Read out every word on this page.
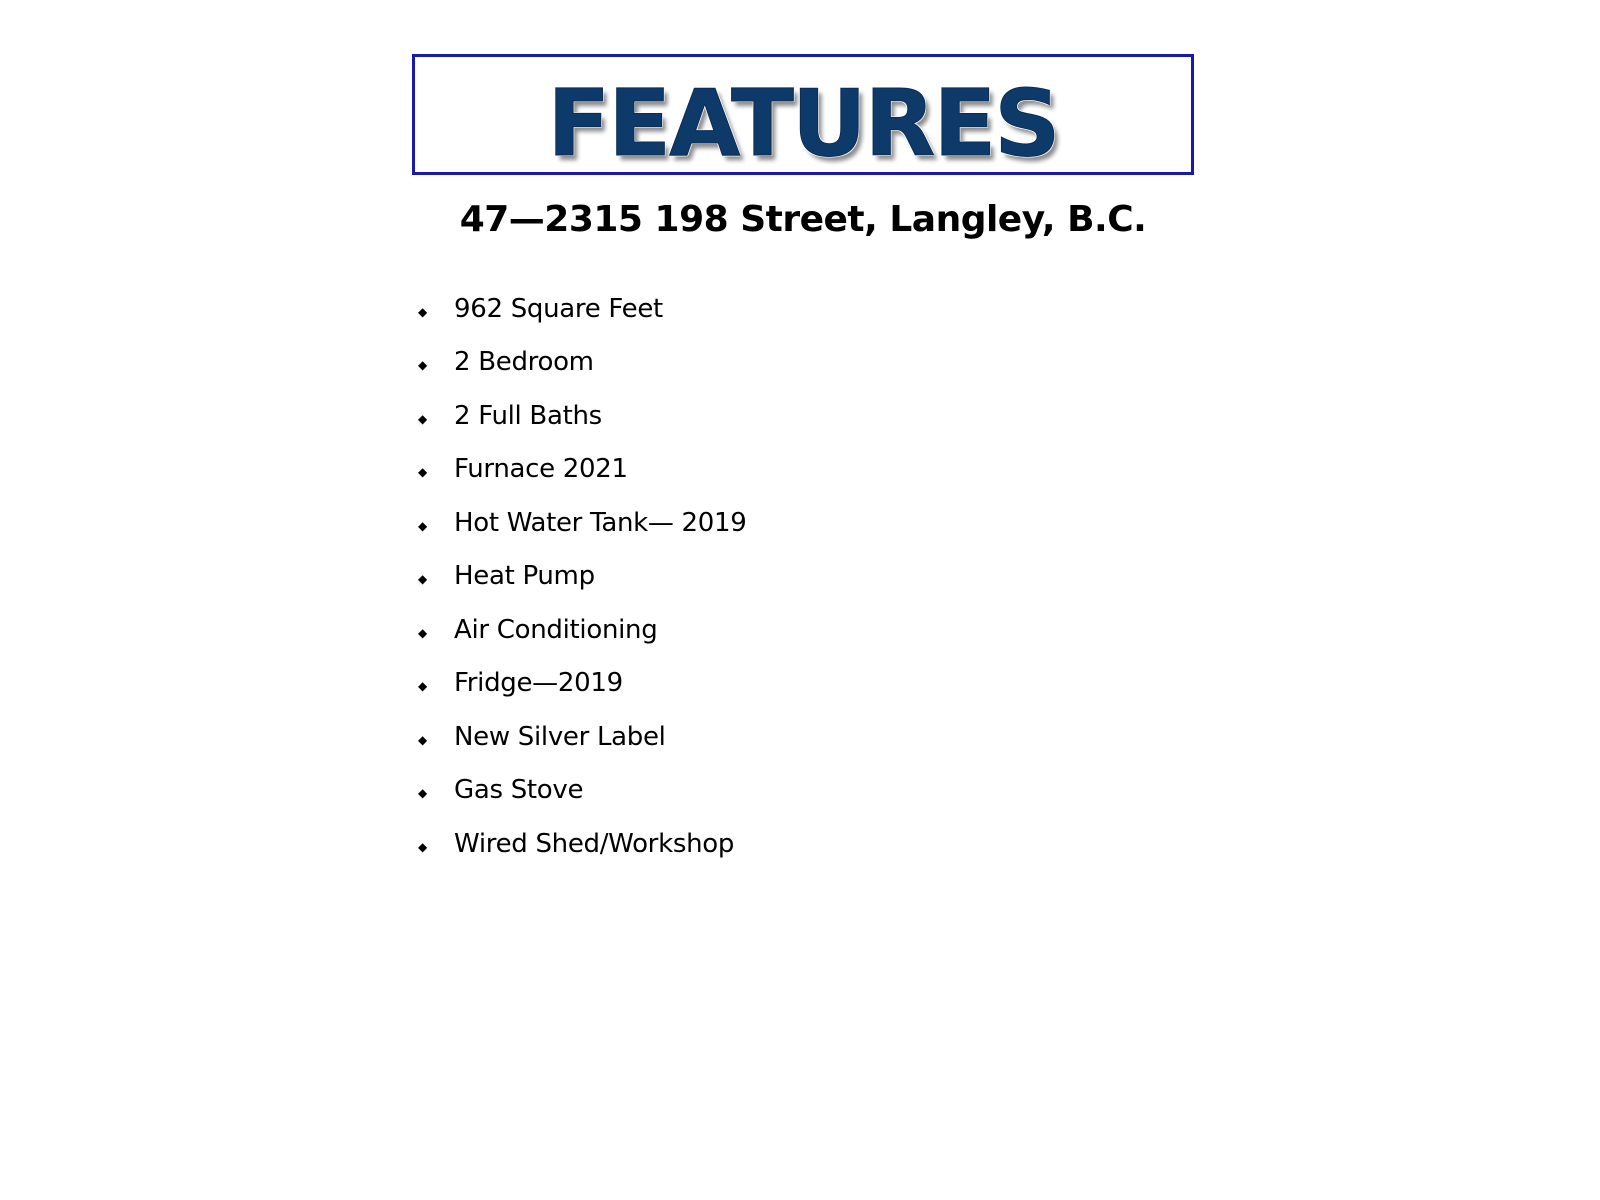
FEATURES
47—2315 198 Street, Langley, B.C.
◆	962 Square Feet
◆	2 Bedroom
◆	2 Full Baths
◆	Furnace 2021
◆	Hot Water Tank— 2019
◆	Heat Pump
◆	Air Conditioning
◆	Fridge—2019
◆	New Silver Label
◆	Gas Stove
◆	Wired Shed/Workshop
